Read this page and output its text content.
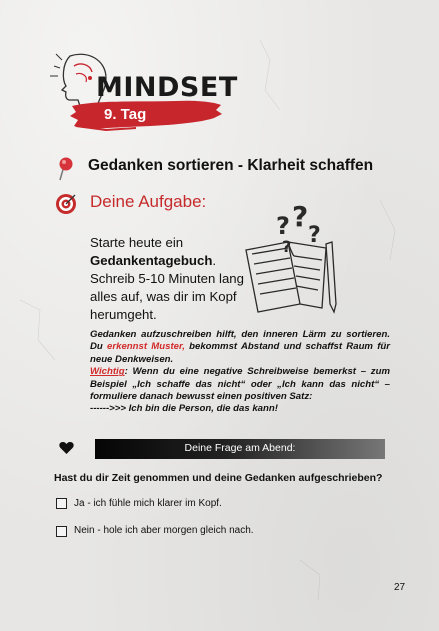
MINDSET
9. Tag
Gedanken sortieren - Klarheit schaffen
Deine Aufgabe:
Starte heute ein Gedankentagebuch. Schreib 5-10 Minuten lang alles auf, was dir im Kopf herumgeht.
? ?
?
?
Gedanken aufzuschreiben hilft, den inneren Lärm zu sortieren. Du erkennst Muster, bekommst Abstand und schaffst Raum für neue Denkweisen.
Wichtig: Wenn du eine negative Schreibweise bemerkst – zum Beispiel „Ich schaffe das nicht“ oder „Ich kann das nicht“ – formuliere danach bewusst einen positiven Satz:
------>>> Ich bin die Person, die das kann!
Deine Frage am Abend:
Hast du dir Zeit genommen und deine Gedanken aufgeschrieben?
Ja - ich fühle mich klarer im Kopf.
Nein - hole ich aber morgen gleich nach.
27
